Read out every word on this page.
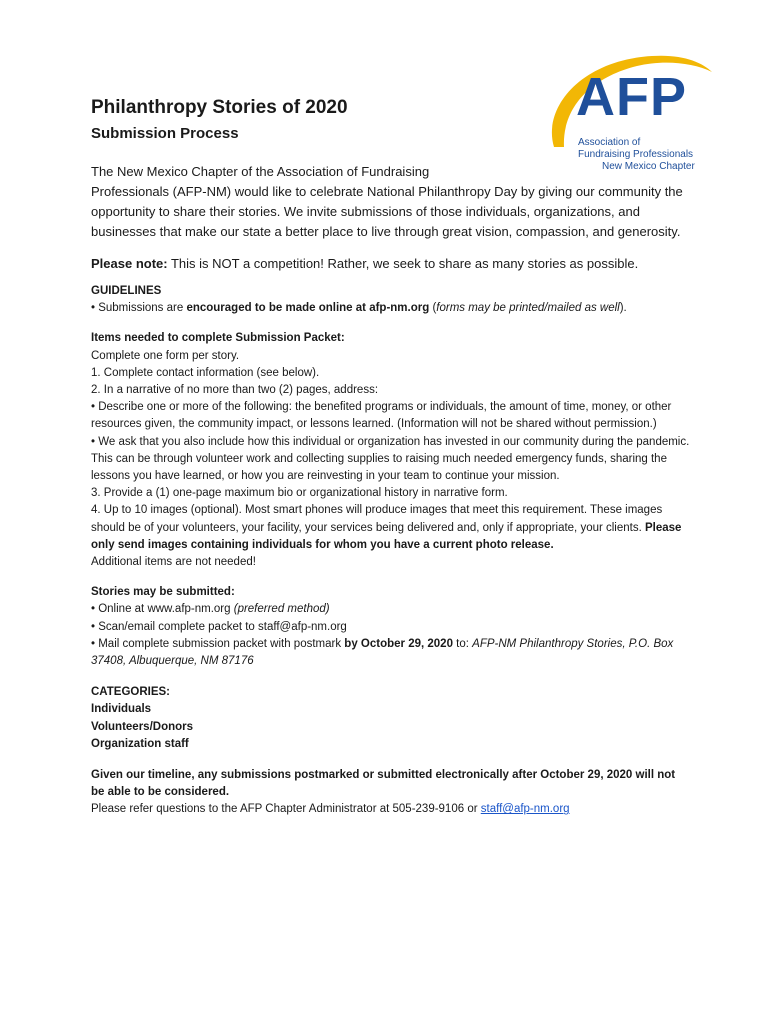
AFP
Association of
Fundraising Professionals
New Mexico Chapter
Philanthropy Stories of 2020
Submission Process

The New Mexico Chapter of the Association of Fundraising
Professionals (AFP-NM) would like to celebrate National Philanthropy Day by giving our community the opportunity to share their stories. We invite submissions of those individuals, organizations, and businesses that make our state a better place to live through great vision, compassion, and generosity.

Please note: This is NOT a competition! Rather, we seek to share as many stories as possible.

GUIDELINES

• Submissions are encouraged to be made online at afp-nm.org (forms may be printed/mailed as well).

Items needed to complete Submission Packet:

Complete one form per story.

1. Complete contact information (see below).

2. In a narrative of no more than two (2) pages, address:

• Describe one or more of the following: the benefited programs or individuals, the amount of time, money, or other resources given, the community impact, or lessons learned. (Information will not be shared without permission.)

• We ask that you also include how this individual or organization has invested in our community during the pandemic. This can be through volunteer work and collecting supplies to raising much needed emergency funds, sharing the lessons you have learned, or how you are reinvesting in your team to continue your mission.

3. Provide a (1) one-page maximum bio or organizational history in narrative form.

4. Up to 10 images (optional). Most smart phones will produce images that meet this requirement. These images should be of your volunteers, your facility, your services being delivered and, only if appropriate, your clients. Please only send images containing individuals for whom you have a current photo release.

Additional items are not needed!

Stories may be submitted:

• Online at www.afp-nm.org (preferred method)

• Scan/email complete packet to staff@afp-nm.org

• Mail complete submission packet with postmark by October 29, 2020 to: AFP-NM Philanthropy Stories, P.O. Box 37408, Albuquerque, NM 87176

CATEGORIES:

Individuals

Volunteers/Donors

Organization staff

Given our timeline, any submissions postmarked or submitted electronically after October 29, 2020 will not be able to be considered.

Please refer questions to the AFP Chapter Administrator at 505-239-9106 or staff@afp-nm.org
